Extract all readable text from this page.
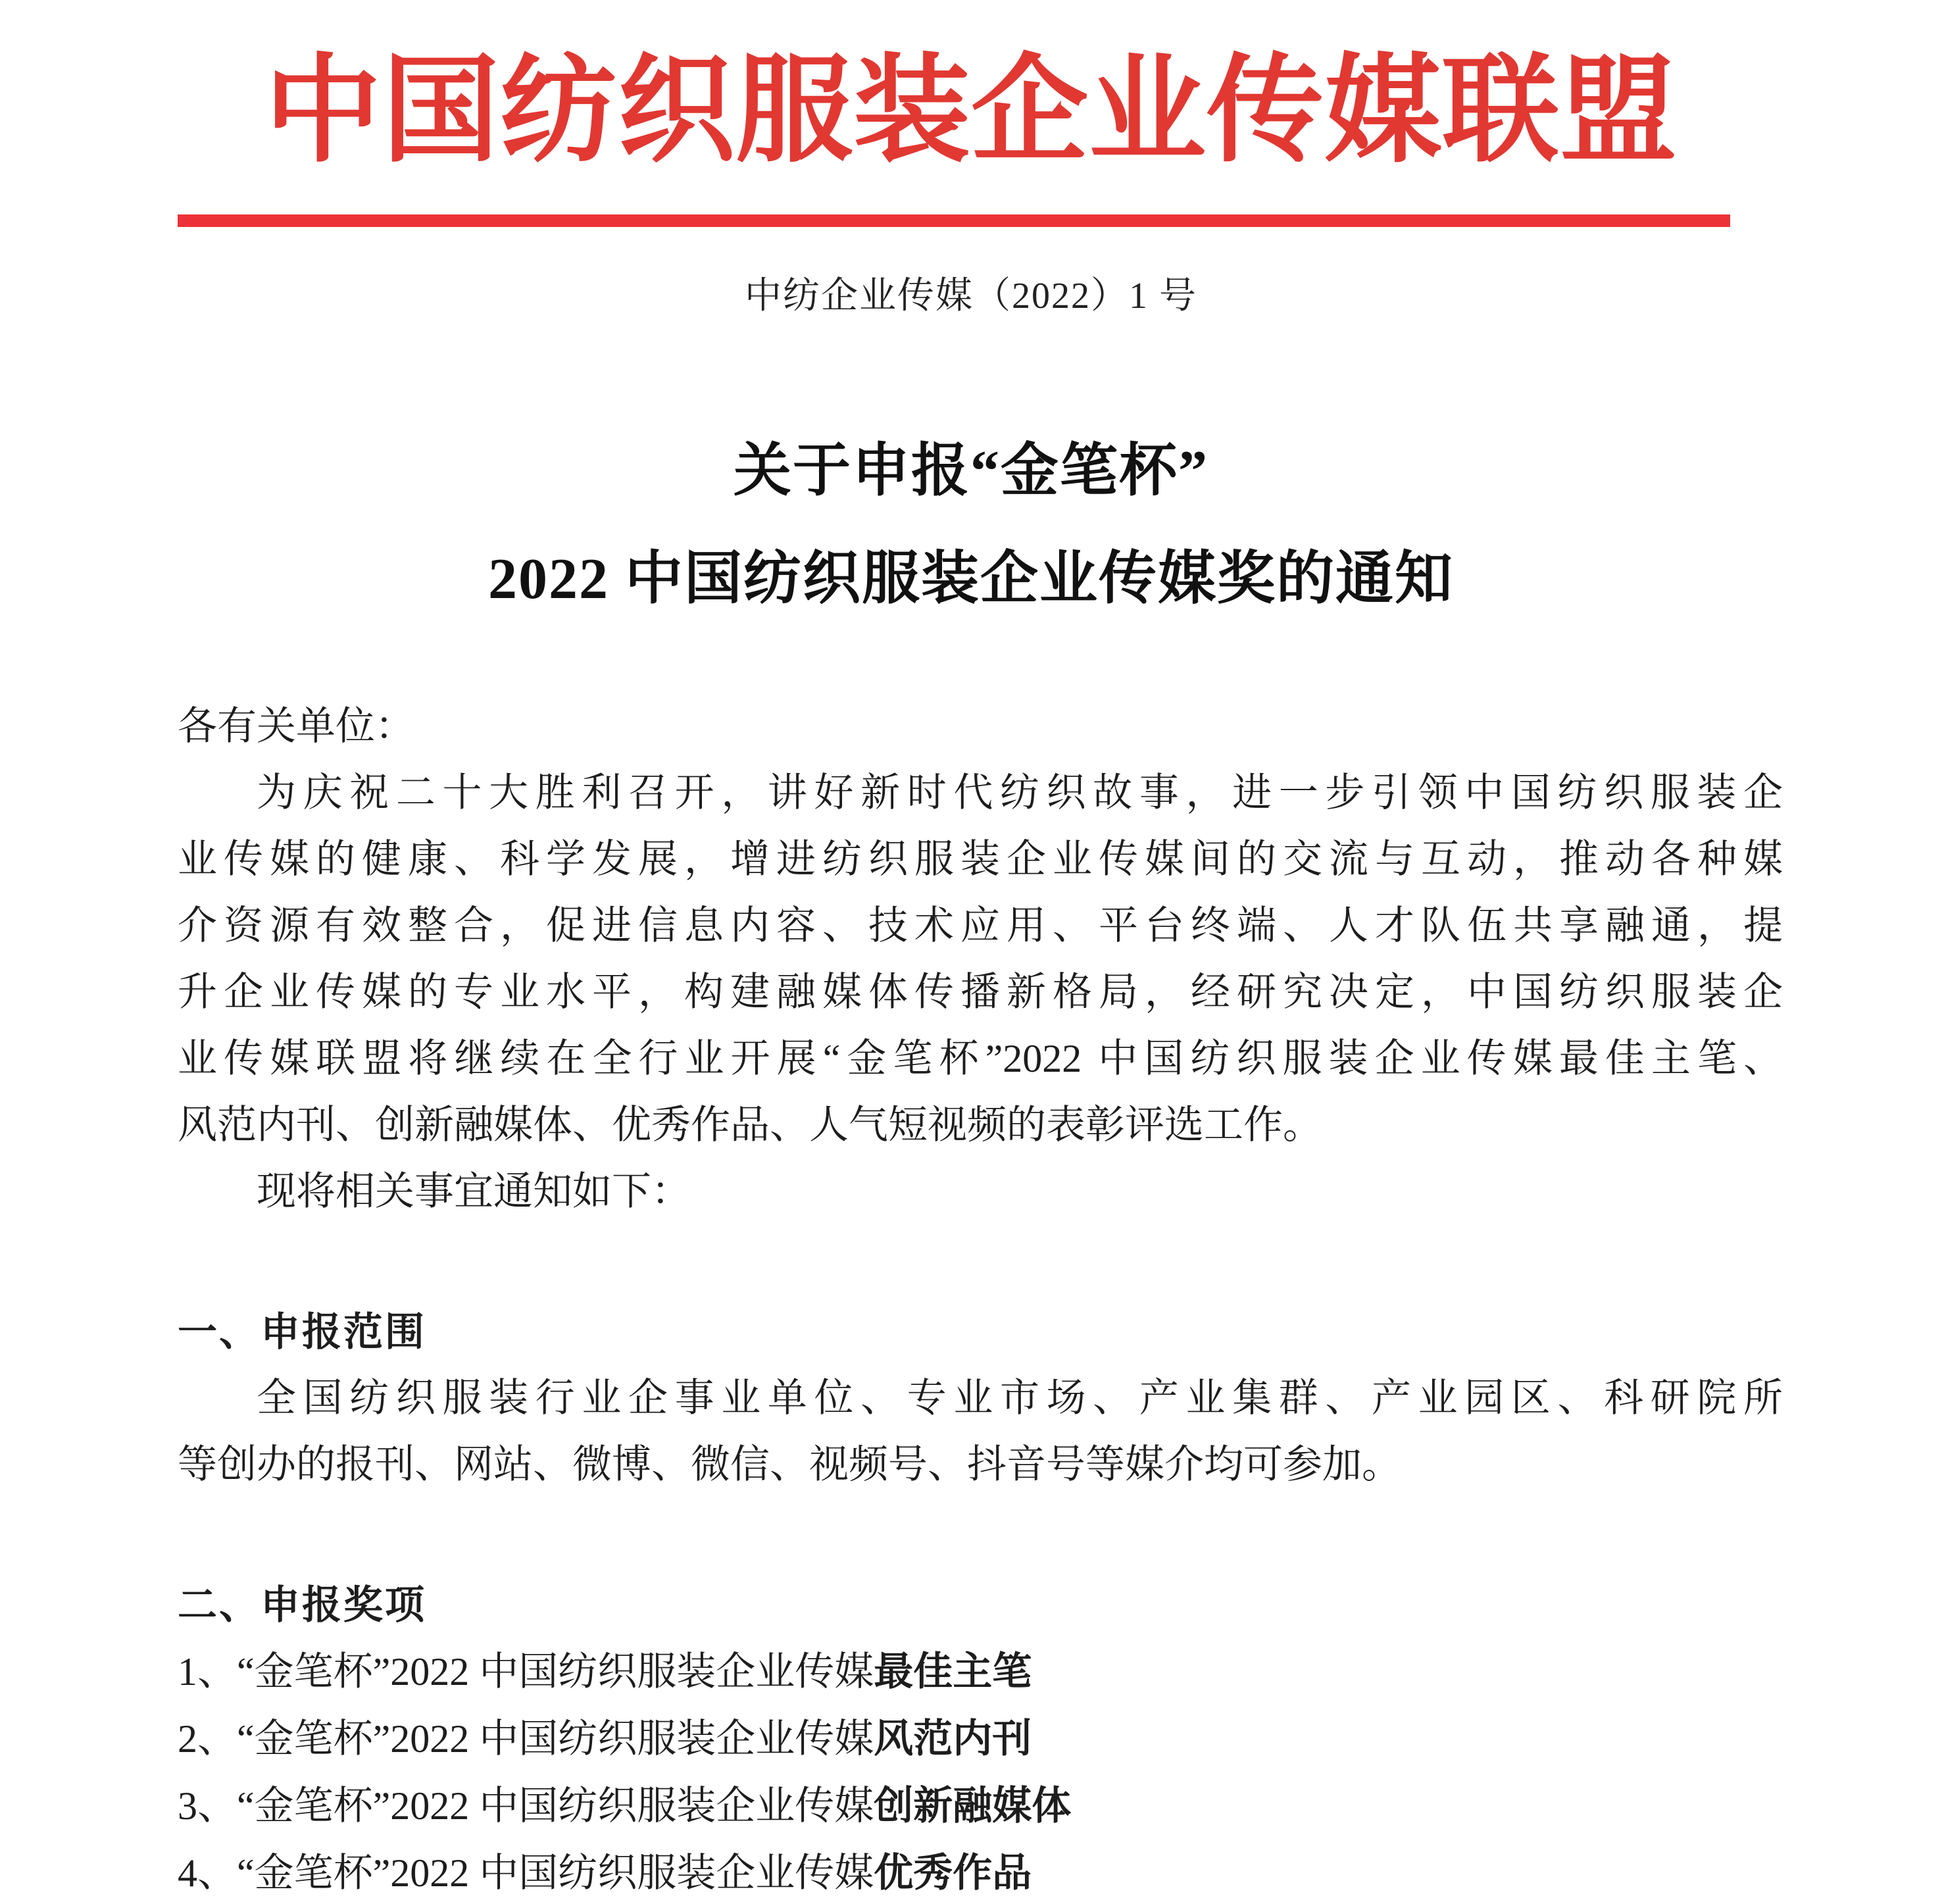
中国纺织服装企业传媒联盟
中纺企业传媒（2022）1 号
关于申报“金笔杯”
2022 中国纺织服装企业传媒奖的通知
各有关单位：
为庆祝二十大胜利召开，讲好新时代纺织故事，进一步引领中国纺织服装企
业传媒的健康、科学发展，增进纺织服装企业传媒间的交流与互动，推动各种媒
介资源有效整合，促进信息内容、技术应用、平台终端、人才队伍共享融通，提
升企业传媒的专业水平，构建融媒体传播新格局，经研究决定，中国纺织服装企
业传媒联盟将继续在全行业开展“金笔杯”2022 中国纺织服装企业传媒最佳主笔、
风范内刊、创新融媒体、优秀作品、人气短视频的表彰评选工作。
现将相关事宜通知如下：
一、申报范围
全国纺织服装行业企事业单位、专业市场、产业集群、产业园区、科研院所
等创办的报刊、网站、微博、微信、视频号、抖音号等媒介均可参加。
二、申报奖项
1、“金笔杯”2022 中国纺织服装企业传媒最佳主笔
2、“金笔杯”2022 中国纺织服装企业传媒风范内刊
3、“金笔杯”2022 中国纺织服装企业传媒创新融媒体
4、“金笔杯”2022 中国纺织服装企业传媒优秀作品
